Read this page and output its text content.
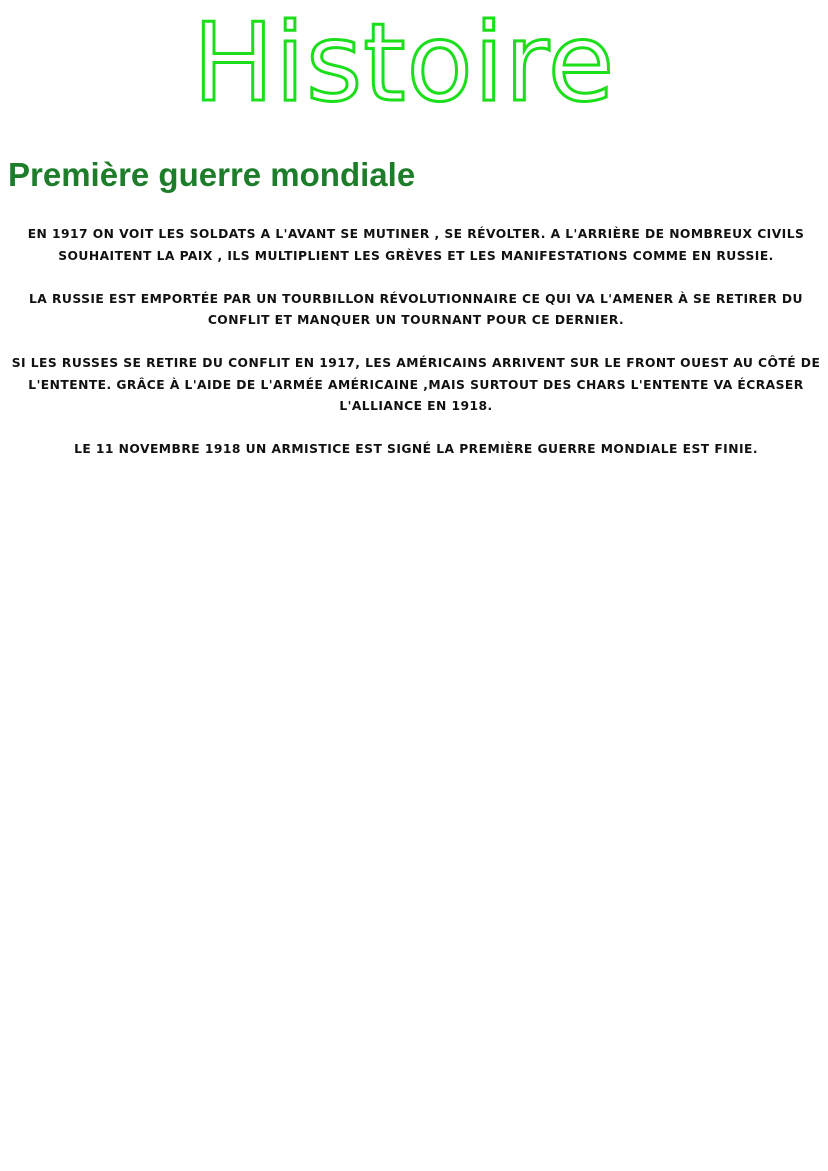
Histoire
Première guerre mondiale

EN 1917 ON VOIT LES SOLDATS A L'AVANT SE MUTINER , SE RÉVOLTER. A L'ARRIÈRE DE NOMBREUX CIVILS SOUHAITENT LA PAIX , ILS MULTIPLIENT LES GRÈVES ET LES MANIFESTATIONS COMME EN RUSSIE.

LA RUSSIE EST EMPORTÉE PAR UN TOURBILLON RÉVOLUTIONNAIRE CE QUI VA L'AMENER À SE RETIRER DU CONFLIT ET MANQUER UN TOURNANT POUR CE DERNIER.

SI LES RUSSES SE RETIRE DU CONFLIT EN 1917, LES AMÉRICAINS ARRIVENT SUR LE FRONT OUEST AU CÔTÉ DE L'ENTENTE. GRÂCE À L'AIDE DE L'ARMÉE AMÉRICAINE ,MAIS SURTOUT DES CHARS L'ENTENTE VA ÉCRASER L'ALLIANCE EN 1918.

LE 11 NOVEMBRE 1918 UN ARMISTICE EST SIGNÉ LA PREMIÈRE GUERRE MONDIALE EST FINIE.
